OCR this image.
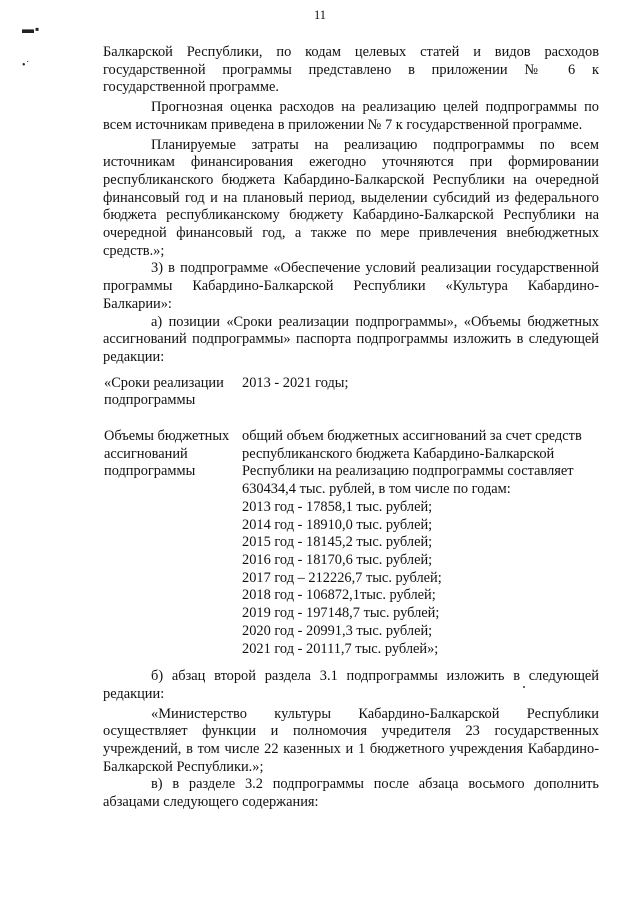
11
▬ ▪
• ˙

Балкарской Республики, по кодам целевых статей и видов расходов государственной программы представлено в приложении № 6 к государственной программе.

Прогнозная оценка расходов на реализацию целей подпрограммы по всем источникам приведена в приложении № 7 к государственной программе.

Планируемые затраты на реализацию подпрограммы по всем источникам финансирования ежегодно уточняются при формировании республиканского бюджета Кабардино-Балкарской Республики на очередной финансовый год и на плановый период, выделении субсидий из федерального бюджета республиканскому бюджету Кабардино-Балкарской Республики на очередной финансовый год, а также по мере привлечения внебюджетных средств.»;

3) в подпрограмме «Обеспечение условий реализации государственной программы Кабардино-Балкарской Республики «Культура Кабардино-Балкарии»:

а) позиции «Сроки реализации подпрограммы», «Объемы бюджетных ассигнований подпрограммы» паспорта подпрограммы изложить в следующей редакции:

«Сроки реализации подпрограммы
2013 - 2021 годы;
Объемы бюджетных ассигнований подпрограммы

общий объем бюджетных ассигнований за счет средств республиканского бюджета Кабардино-Балкарской Республики на реализацию подпрограммы составляет 630434,4 тыс. рублей, в том числе по годам:

2013 год - 17858,1 тыс. рублей;

2014 год - 18910,0 тыс. рублей;

2015 год - 18145,2 тыс. рублей;

2016 год - 18170,6 тыс. рублей;

2017 год – 212226,7 тыс. рублей;

2018 год - 106872,1тыс. рублей;

2019 год - 197148,7 тыс. рублей;

2020 год - 20991,3 тыс. рублей;

2021 год - 20111,7 тыс. рублей»;

б) абзац второй раздела 3.1 подпрограммы изложить в следующей редакции:

«Министерство культуры Кабардино-Балкарской Республики осуществляет функции и полномочия учредителя 23 государственных учреждений, в том числе 22 казенных и 1 бюджетного учреждения Кабардино-Балкарской Республики.»;

в) в разделе 3.2 подпрограммы после абзаца восьмого дополнить абзацами следующего содержания:
